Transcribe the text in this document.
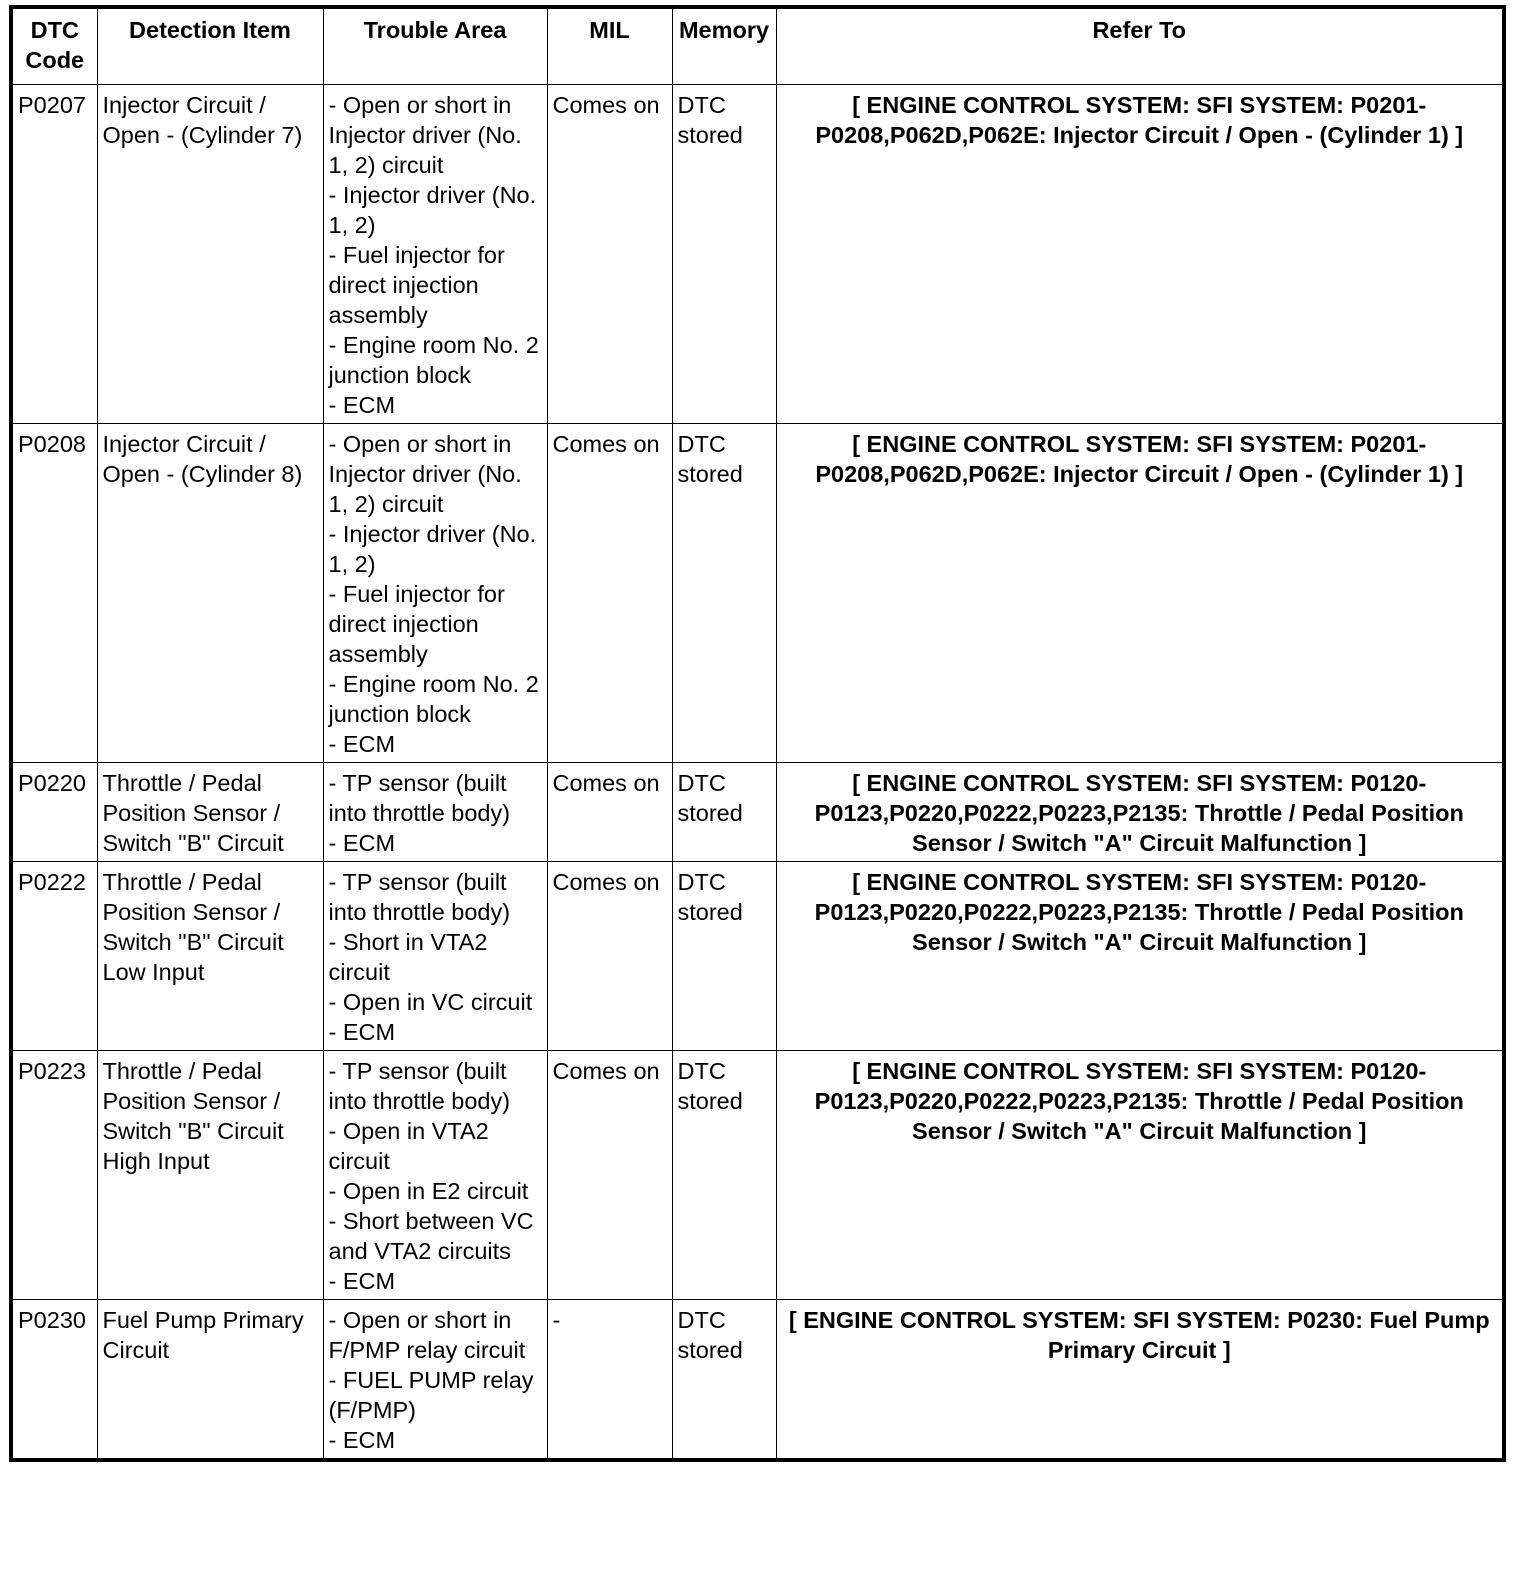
DTC Code	Detection Item	Trouble Area	MIL	Memory	Refer To
P0207	Injector Circuit / Open - (Cylinder 7)	- Open or short in Injector driver (No. 1, 2) circuit
- Injector driver (No. 1, 2)
- Fuel injector for direct injection assembly
- Engine room No. 2 junction block
- ECM	Comes on	DTC stored	[ ENGINE CONTROL SYSTEM: SFI SYSTEM: P0201-P0208,P062D,P062E: Injector Circuit / Open - (Cylinder 1) ]
P0208	Injector Circuit / Open - (Cylinder 8)	- Open or short in Injector driver (No. 1, 2) circuit
- Injector driver (No. 1, 2)
- Fuel injector for direct injection assembly
- Engine room No. 2 junction block
- ECM	Comes on	DTC stored	[ ENGINE CONTROL SYSTEM: SFI SYSTEM: P0201-P0208,P062D,P062E: Injector Circuit / Open - (Cylinder 1) ]
P0220	Throttle / Pedal Position Sensor / Switch "B" Circuit	- TP sensor (built into throttle body)
- ECM	Comes on	DTC stored	[ ENGINE CONTROL SYSTEM: SFI SYSTEM: P0120-P0123,P0220,P0222,P0223,P2135: Throttle / Pedal Position Sensor / Switch "A" Circuit Malfunction ]
P0222	Throttle / Pedal Position Sensor / Switch "B" Circuit Low Input	- TP sensor (built into throttle body)
- Short in VTA2 circuit
- Open in VC circuit
- ECM	Comes on	DTC stored	[ ENGINE CONTROL SYSTEM: SFI SYSTEM: P0120-P0123,P0220,P0222,P0223,P2135: Throttle / Pedal Position Sensor / Switch "A" Circuit Malfunction ]
P0223	Throttle / Pedal Position Sensor / Switch "B" Circuit High Input	- TP sensor (built into throttle body)
- Open in VTA2 circuit
- Open in E2 circuit
- Short between VC and VTA2 circuits
- ECM	Comes on	DTC stored	[ ENGINE CONTROL SYSTEM: SFI SYSTEM: P0120-P0123,P0220,P0222,P0223,P2135: Throttle / Pedal Position Sensor / Switch "A" Circuit Malfunction ]
P0230	Fuel Pump Primary Circuit	- Open or short in F/PMP relay circuit
- FUEL PUMP relay (F/PMP)
- ECM	-	DTC stored	[ ENGINE CONTROL SYSTEM: SFI SYSTEM: P0230: Fuel Pump Primary Circuit ]
